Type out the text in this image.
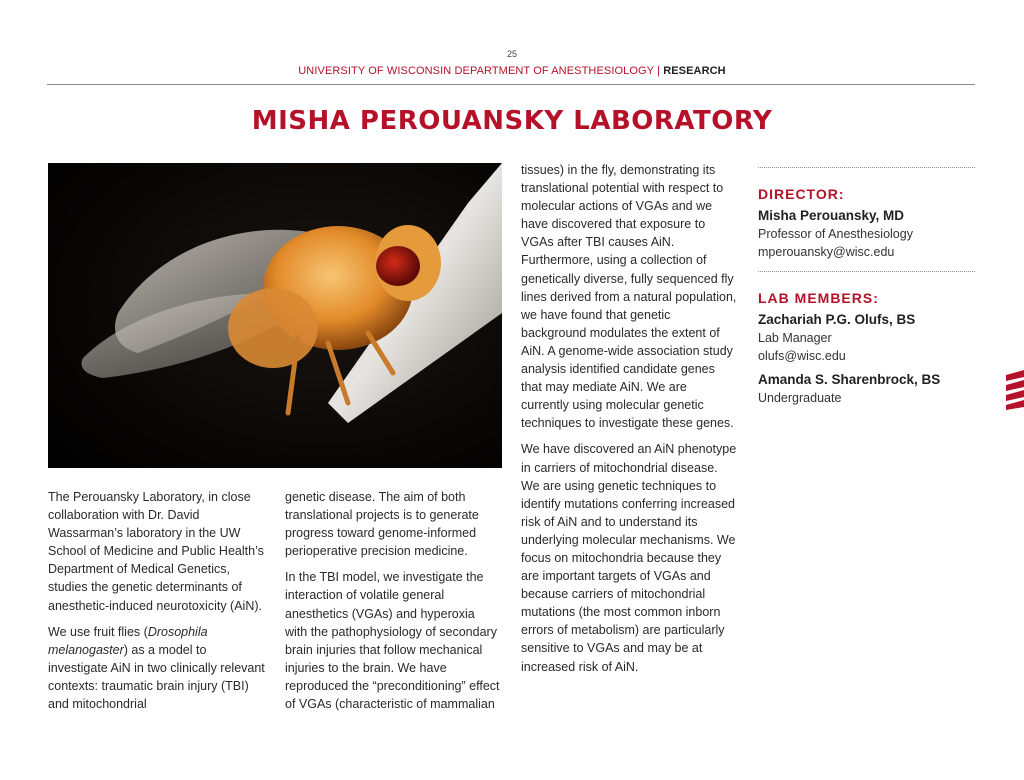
25
UNIVERSITY OF WISCONSIN DEPARTMENT OF ANESTHESIOLOGY | RESEARCH
MISHA PEROUANSKY LABORATORY

The Perouansky Laboratory, in close collaboration with Dr. David Wassarman’s laboratory in the UW School of Medicine and Public Health’s Department of Medical Genetics, studies the genetic determinants of anesthetic-induced neurotoxicity (AiN).

We use fruit flies (Drosophila melanogaster) as a model to investigate AiN in two clinically relevant contexts: traumatic brain injury (TBI) and mitochondrial

genetic disease. The aim of both translational projects is to generate progress toward genome-informed perioperative precision medicine.

In the TBI model, we investigate the interaction of volatile general anesthetics (VGAs) and hyperoxia with the pathophysiology of secondary brain injuries that follow mechanical injuries to the brain. We have reproduced the “preconditioning” effect of VGAs (characteristic of mammalian

tissues) in the fly, demonstrating its translational potential with respect to molecular actions of VGAs and we have discovered that exposure to VGAs after TBI causes AiN. Furthermore, using a collection of genetically diverse, fully sequenced fly lines derived from a natural population, we have found that genetic background modulates the extent of AiN. A genome-wide association study analysis identified candidate genes that may mediate AiN. We are currently using molecular genetic techniques to investigate these genes.

We have discovered an AiN phenotype in carriers of mitochondrial disease. We are using genetic techniques to identify mutations conferring increased risk of AiN and to understand its underlying molecular mechanisms. We focus on mitochondria because they are important targets of VGAs and because carriers of mitochondrial mutations (the most common inborn errors of metabolism) are particularly sensitive to VGAs and may be at increased risk of AiN.

DIRECTOR:
Misha Perouansky, MD
Professor of Anesthesiology
mperouansky@wisc.edu
LAB MEMBERS:
Zachariah P.G. Olufs, BS
Lab Manager
olufs@wisc.edu
Amanda S. Sharenbrock, BS
Undergraduate
